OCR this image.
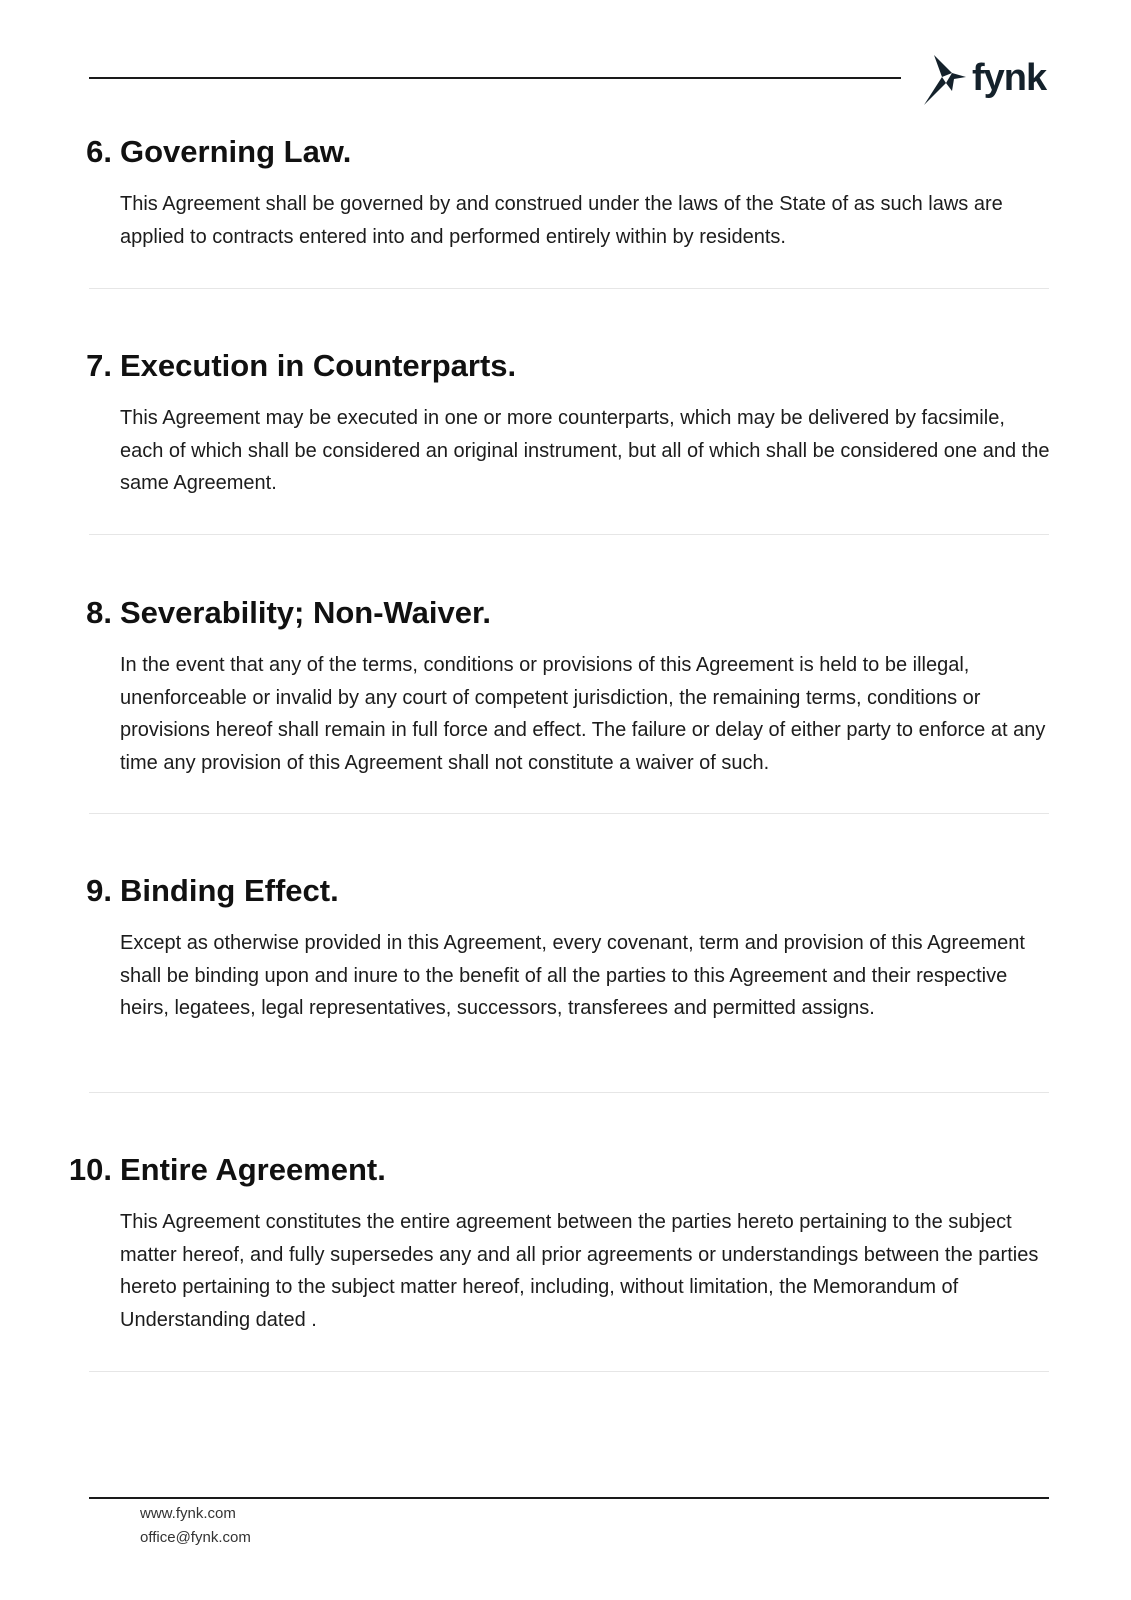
fynk
6. Governing Law.

This Agreement shall be governed by and construed under the laws of the State of as such laws are applied to contracts entered into and performed entirely within by residents.

7. Execution in Counterparts.

This Agreement may be executed in one or more counterparts, which may be delivered by facsimile, each of which shall be considered an original instrument, but all of which shall be considered one and the same Agreement.

8. Severability; Non-Waiver.

In the event that any of the terms, conditions or provisions of this Agreement is held to be illegal, unenforceable or invalid by any court of competent jurisdiction, the remaining terms, conditions or provisions hereof shall remain in full force and effect. The failure or delay of either party to enforce at any time any provision of this Agreement shall not constitute a waiver of such.

9. Binding Effect.

Except as otherwise provided in this Agreement, every covenant, term and provision of this Agreement shall be binding upon and inure to the benefit of all the parties to this Agreement and their respective heirs, legatees, legal representatives, successors, transferees and permitted assigns.

10. Entire Agreement.

This Agreement constitutes the entire agreement between the parties hereto pertaining to the subject matter hereof, and fully supersedes any and all prior agreements or understandings between the parties hereto pertaining to the subject matter hereof, including, without limitation, the Memorandum of Understanding dated .

www.fynk.com
office@fynk.com
